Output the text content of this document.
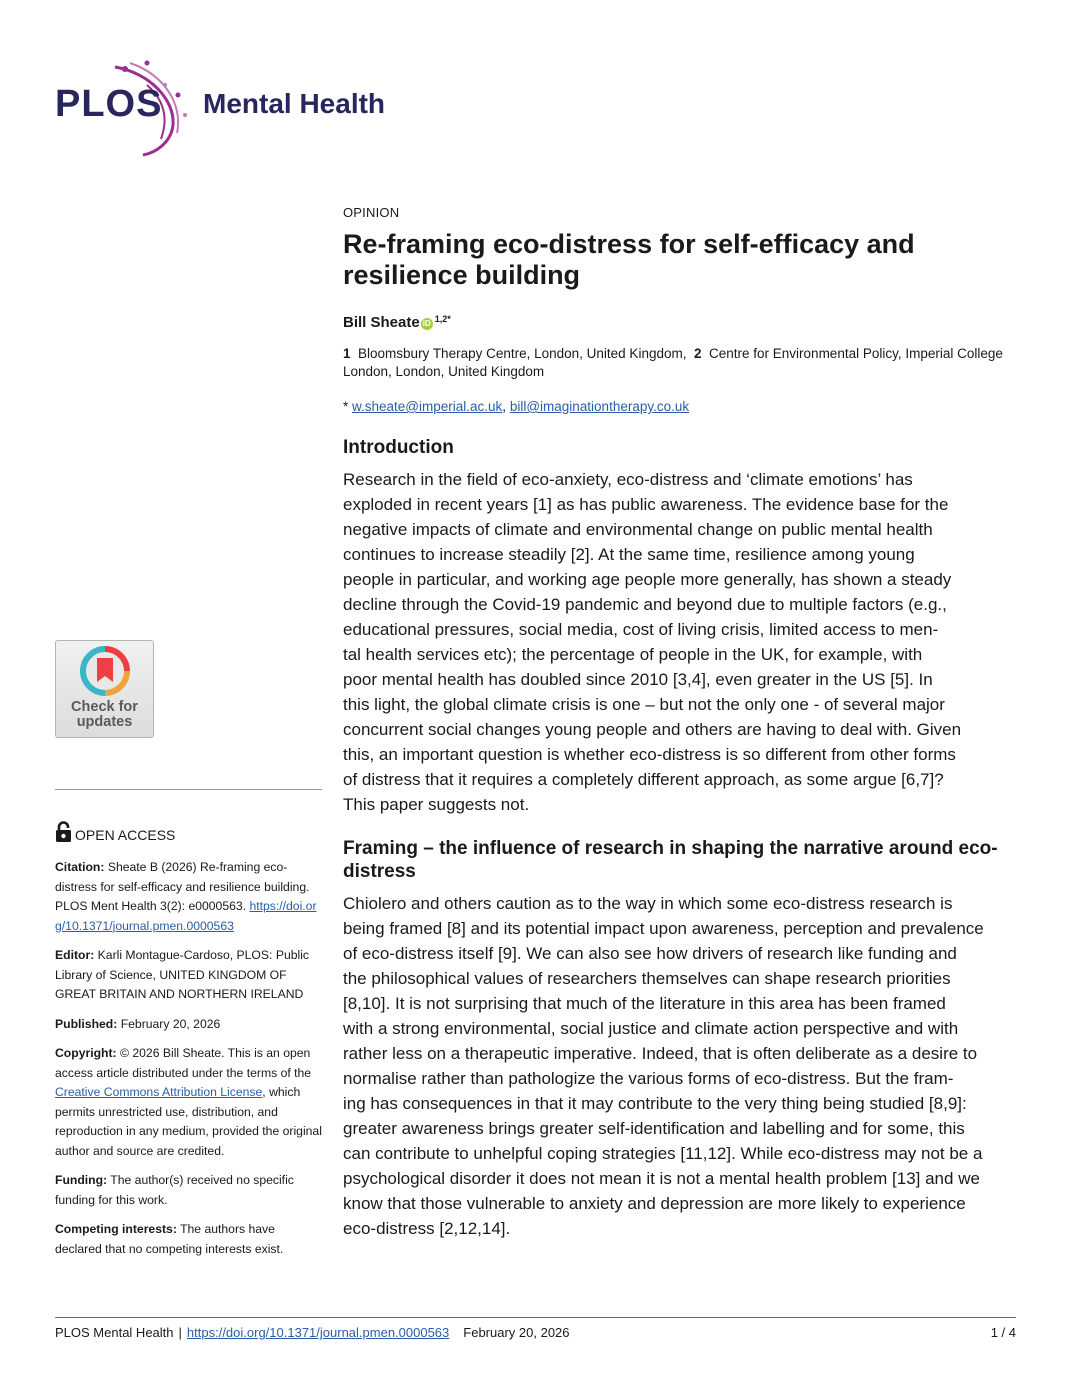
PLOS Mental Health
OPINION
Re-framing eco-distress for self-efficacy and resilience building
Bill Sheate iD $^{1,2*}$
1 Bloomsbury Therapy Centre, London, United Kingdom, 2 Centre for Environmental Policy, Imperial College London, London, United Kingdom
* w.sheate@imperial.ac.uk, bill@imaginationtherapy.co.uk
Introduction

Research in the field of eco-anxiety, eco-distress and ‘climate emotions’ has

exploded in recent years [1] as has public awareness. The evidence base for the

negative impacts of climate and environmental change on public mental health

continues to increase steadily [2]. At the same time, resilience among young

people in particular, and working age people more generally, has shown a steady

decline through the Covid-19 pandemic and beyond due to multiple factors (e.g.,

educational pressures, social media, cost of living crisis, limited access to men-

tal health services etc); the percentage of people in the UK, for example, with

poor mental health has doubled since 2010 [3,4], even greater in the US [5]. In

this light, the global climate crisis is one – but not the only one - of several major

concurrent social changes young people and others are having to deal with. Given

this, an important question is whether eco-distress is so different from other forms

of distress that it requires a completely different approach, as some argue [6,7]?

This paper suggests not.

Framing – the influence of research in shaping the narrative around eco-distress

Chiolero and others caution as to the way in which some eco-distress research is

being framed [8] and its potential impact upon awareness, perception and prevalence

of eco-distress itself [9]. We can also see how drivers of research like funding and

the philosophical values of researchers themselves can shape research priorities

[8,10]. It is not surprising that much of the literature in this area has been framed

with a strong environmental, social justice and climate action perspective and with

rather less on a therapeutic imperative. Indeed, that is often deliberate as a desire to

normalise rather than pathologize the various forms of eco-distress. But the fram-

ing has consequences in that it may contribute to the very thing being studied [8,9]:

greater awareness brings greater self-identification and labelling and for some, this

can contribute to unhelpful coping strategies [11,12]. While eco-distress may not be a

psychological disorder it does not mean it is not a mental health problem [13] and we

know that those vulnerable to anxiety and depression are more likely to experience

eco-distress [2,12,14].

Check for updates
OPEN ACCESS
Citation: Sheate B (2026) Re-framing eco-distress for self-efficacy and resilience building. PLOS Ment Health 3(2): e0000563. https://doi.org/10.1371/journal.pmen.0000563
Editor: Karli Montague-Cardoso, PLOS: Public Library of Science, UNITED KINGDOM OF GREAT BRITAIN AND NORTHERN IRELAND
Published: February 20, 2026
Copyright: © 2026 Bill Sheate. This is an open access article distributed under the terms of the Creative Commons Attribution License, which permits unrestricted use, distribution, and reproduction in any medium, provided the original author and source are credited.
Funding: The author(s) received no specific funding for this work.
Competing interests: The authors have declared that no competing interests exist.
PLOS Mental Health | https://doi.org/10.1371/journal.pmen.0000563 February 20, 2026	1 / 4
